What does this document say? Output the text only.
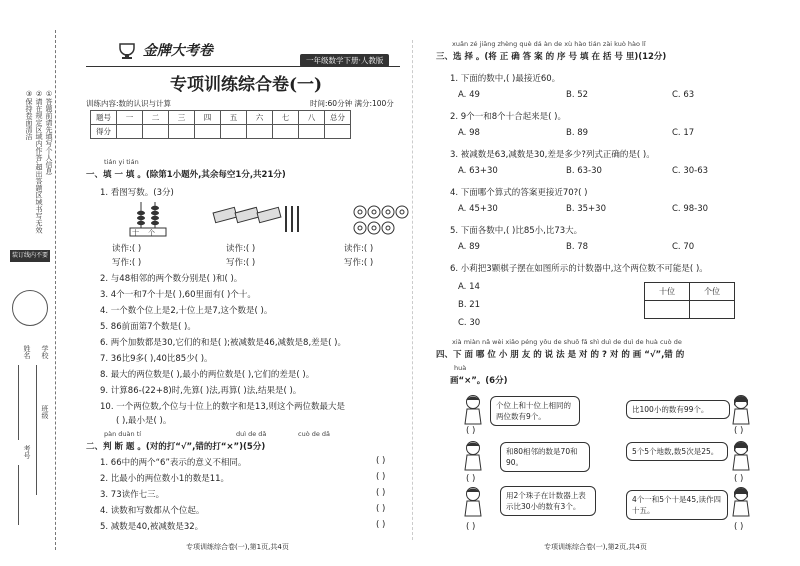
①答题前请先填写个人信息
②请在规定区域内作答,超出答题区域书写无效
③保持卷面清洁
装订线内不要答题
学校
班级
姓名
考号
金牌大考卷
一年级数学下册·人教版
专项训练综合卷(一)
训练内容:数的认识与计算	时间:60分钟 满分:100分
题号	一	二	三	四	五	六	七	八	总分
得分									
tián yi tián
一、填 一 填 。(除第1小题外,其余每空1分,共21分)
1. 看图写数。(3分)
十 个
读作:( )
写作:( )
读作:( )
写作:( )
读作:( )
写作:( )
2. 与48相邻的两个数分别是( )和( )。
3. 4个一和7个十是( ),60里面有( )个十。
4. 一个数个位上是2,十位上是7,这个数是( )。
5. 86前面第7个数是( )。
6. 两个加数都是30,它们的和是( );被减数是46,减数是8,差是( )。
7. 36比9多( ),40比85少( )。
8. 最大的两位数是( ),最小的两位数是( ),它们的差是( )。
9. 计算86-(22+8)时,先算( )法,再算( )法,结果是( )。
10. 一个两位数,个位与十位上的数字和是13,则这个两位数最大是
( ),最小是( )。
pàn duàn tí	duì de dǎ	cuò de dǎ
二、判 断 题 。(对的打“√”,错的打“×”)(5分)
1. 66中的两个“6”表示的意义不相同。	( )
2. 比最小的两位数小1的数是11。	( )
3. 73读作七三。	( )
4. 读数和写数都从个位起。	( )
5. 减数是40,被减数是32。	( )
专项训练综合卷(一),第1页,共4页
xuǎn zé jiāng zhèng què dá àn de xù hào tián zài kuò hào lǐ
三、选 择 。(将 正 确 答 案 的 序 号 填 在 括 号 里)(12分)
1. 下面的数中,( )最接近60。
A. 49	B. 52	C. 63
2. 9个一和8个十合起来是( )。
A. 98	B. 89	C. 17
3. 被减数是63,减数是30,差是多少?列式正确的是( )。
A. 63+30	B. 63-30	C. 30-63
4. 下面哪个算式的答案更接近70?( )
A. 45+30	B. 35+30	C. 98-30
5. 下面各数中,( )比85小,比73大。
A. 89	B. 78	C. 70
6. 小莉把3颗棋子摆在如图所示的计数器中,这个两位数不可能是( )。
A. 14
B. 21
C. 30
十位	个位

xià miàn nǎ wèi xiǎo péng yǒu de shuō fǎ shì duì de duì de huà cuò de
四、下 面 哪 位 小 朋 友 的 说 法 是 对 的 ? 对 的 画 “√”,错 的
huà
画“×”。(6分)
个位上和十位上相同的两位数有9个。
( )
比100小的数有99个。
( )
和80相邻的数是70和90。
( )
5个5个地数,数5次是25。
( )
用2个珠子在计数器上表示比30小的数有3个。
( )
4个一和5个十是45,读作四十五。
( )
专项训练综合卷(一),第2页,共4页
